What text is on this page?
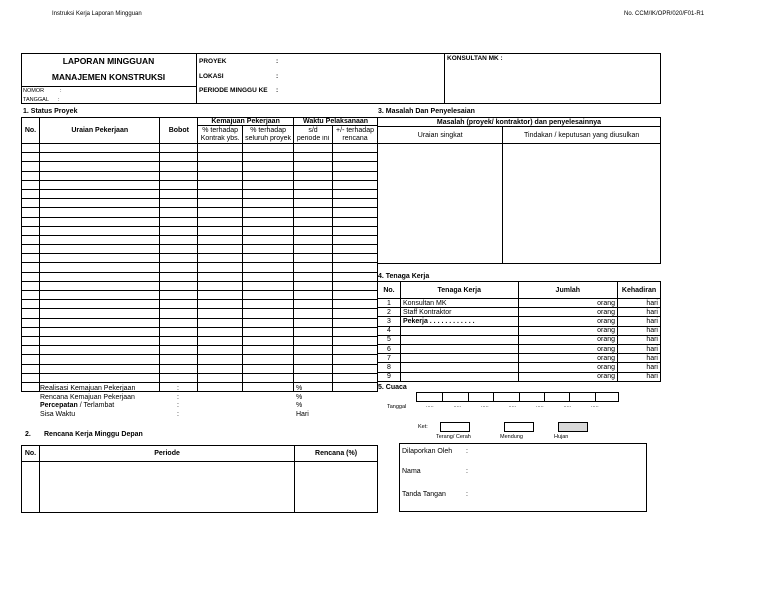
Instruksi Kerja Laporan Mingguan	No. CCM/IK/OPR/020/F01-R1
LAPORAN MINGGUAN
MANAJEMEN KONSTRUKSI
NOMOR	:
TANGGAL :
PROYEK	:
LOKASI	:
PERIODE MINGGU KE :
KONSULTAN MK :
1. Status Proyek
No.	Uraian Pekerjaan	Bobot	Kemajuan Pekerjaan		Waktu Pelaksanaan	
			% terhadap	% terhadap	s/d	+/- terhadap
			Kontrak ybs.	seluruh proyek	periode ini	rencana

Realisasi Kemajuan Pekerjaan	:	%
Rencana Kemajuan Pekerjaan	:	%
Percepatan / Terlambat	:	%
Sisa Waktu	:	Hari
2. Rencana Kerja Minggu Depan
No.	Periode	Rencana (%)

3. Masalah Dan Penyelesaian
Masalah (proyek/ kontraktor) dan penyelesainnya	
Uraian singkat	Tindakan / keputusan yang diusulkan

4. Tenaga Kerja
No.	Tenaga Kerja	Jumlah	Kehadiran
1	Konsultan MK	orang	hari
2	Staff Kontraktor	orang	hari
3	Pekerja . . . . . . . . . . . .	orang	hari
4		orang	hari
5		orang	hari
6		orang	hari
7		orang	hari
8		orang	hari
9		orang	hari
5. Cuaca
Tanggal	.....	.....	.....	.....	.....	.....	.....
Ket:
Terang/ Cerah	Mendung	Hujan
Dilaporkan Oleh :
Nama	:
Tanda Tangan	:
